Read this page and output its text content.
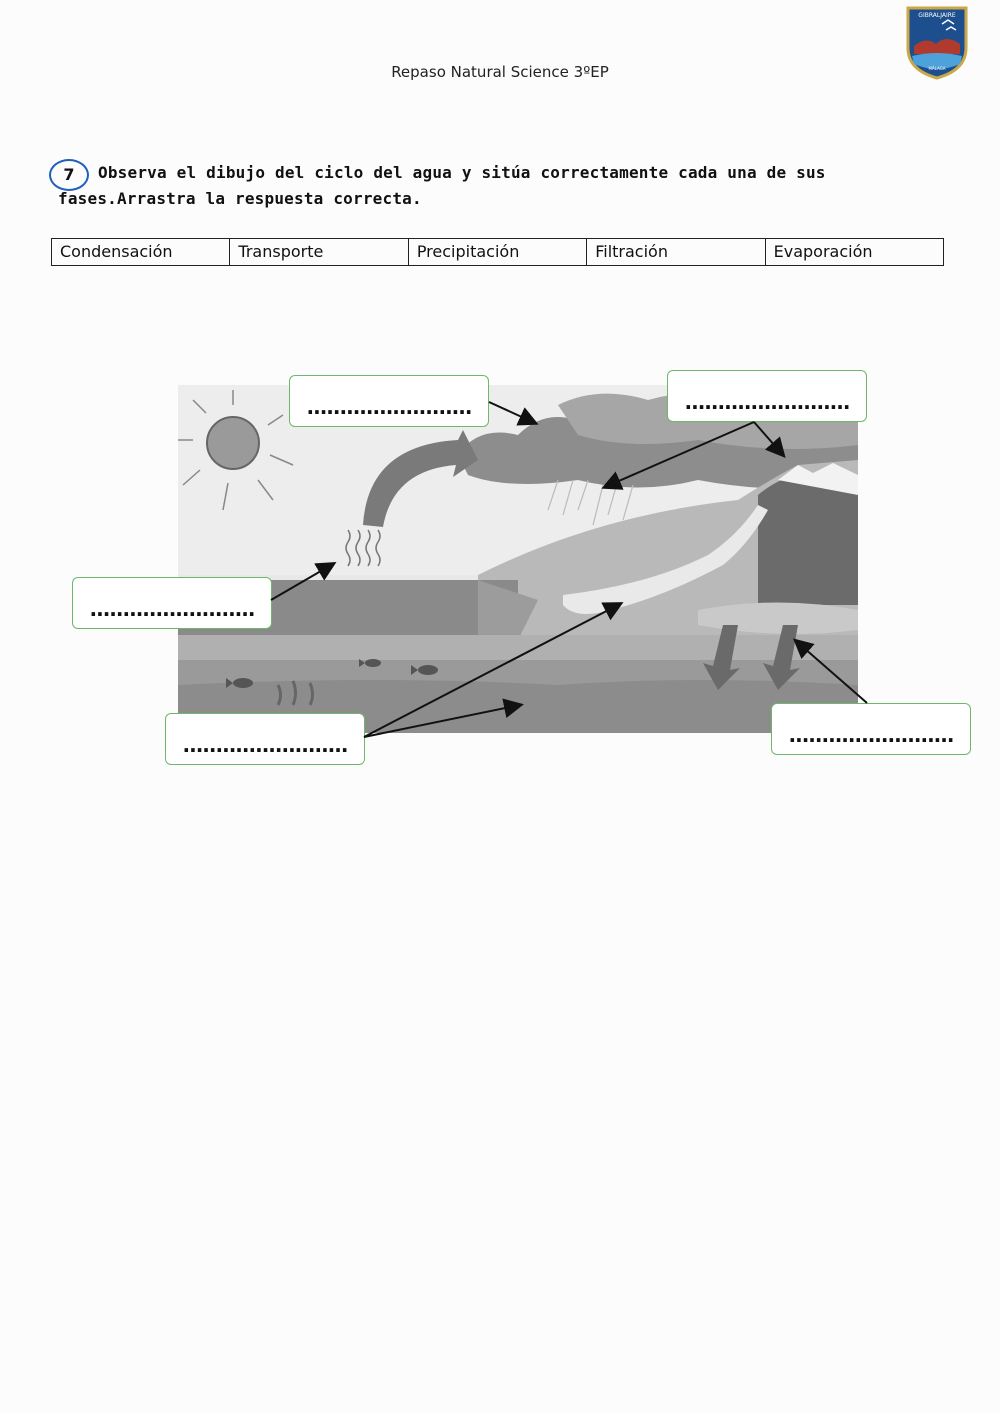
Repaso Natural Science 3ºEP
GIBRALJAIRE
MÁLAGA
7	Observa el dibujo del ciclo del agua y sitúa correctamente cada una de sus fases.Arrastra la respuesta correcta.
Condensación	Transporte	Precipitación	Filtración	Evaporación
.........................	.........................
.........................
.........................	.........................
